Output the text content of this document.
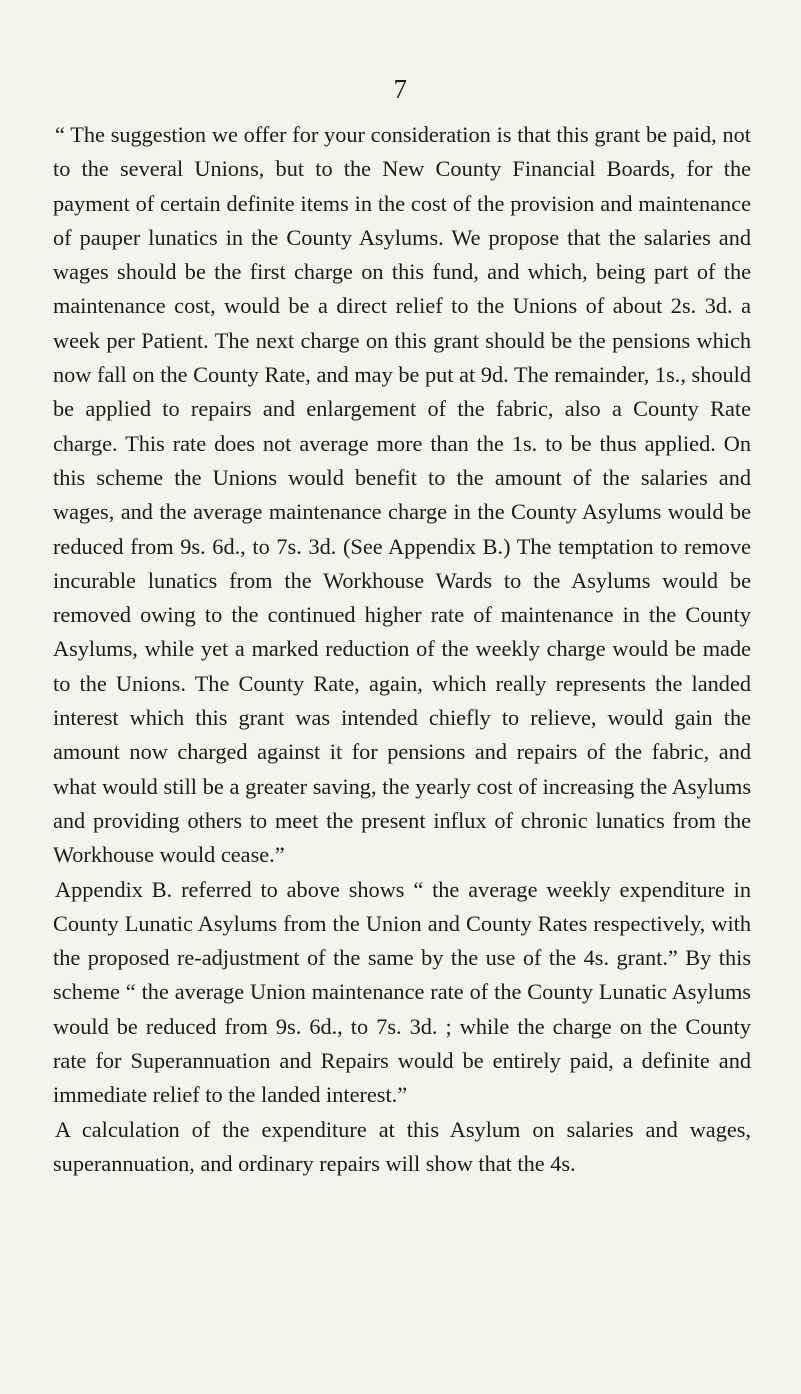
7

“ The suggestion we offer for your consideration is that this grant be paid, not to the several Unions, but to the New County Financial Boards, for the payment of certain definite items in the cost of the provision and maintenance of pauper lunatics in the County Asylums. We propose that the salaries and wages should be the first charge on this fund, and which, being part of the maintenance cost, would be a direct relief to the Unions of about 2s. 3d. a week per Patient. The next charge on this grant should be the pensions which now fall on the County Rate, and may be put at 9d. The remainder, 1s., should be applied to repairs and enlargement of the fabric, also a County Rate charge. This rate does not average more than the 1s. to be thus applied. On this scheme the Unions would benefit to the amount of the salaries and wages, and the average maintenance charge in the County Asylums would be reduced from 9s. 6d., to 7s. 3d. (See Appendix B.) The temptation to remove incurable lunatics from the Workhouse Wards to the Asylums would be removed owing to the continued higher rate of maintenance in the County Asylums, while yet a marked reduction of the weekly charge would be made to the Unions. The County Rate, again, which really represents the landed interest which this grant was intended chiefly to relieve, would gain the amount now charged against it for pensions and repairs of the fabric, and what would still be a greater saving, the yearly cost of increasing the Asylums and providing others to meet the present influx of chronic lunatics from the Workhouse would cease.”

Appendix B. referred to above shows “ the average weekly expenditure in County Lunatic Asylums from the Union and County Rates respectively, with the proposed re-adjustment of the same by the use of the 4s. grant.” By this scheme “ the average Union maintenance rate of the County Lunatic Asylums would be reduced from 9s. 6d., to 7s. 3d. ; while the charge on the County rate for Superannuation and Repairs would be entirely paid, a definite and immediate relief to the landed interest.”

A calculation of the expenditure at this Asylum on salaries and wages, superannuation, and ordinary repairs will show that the 4s.
